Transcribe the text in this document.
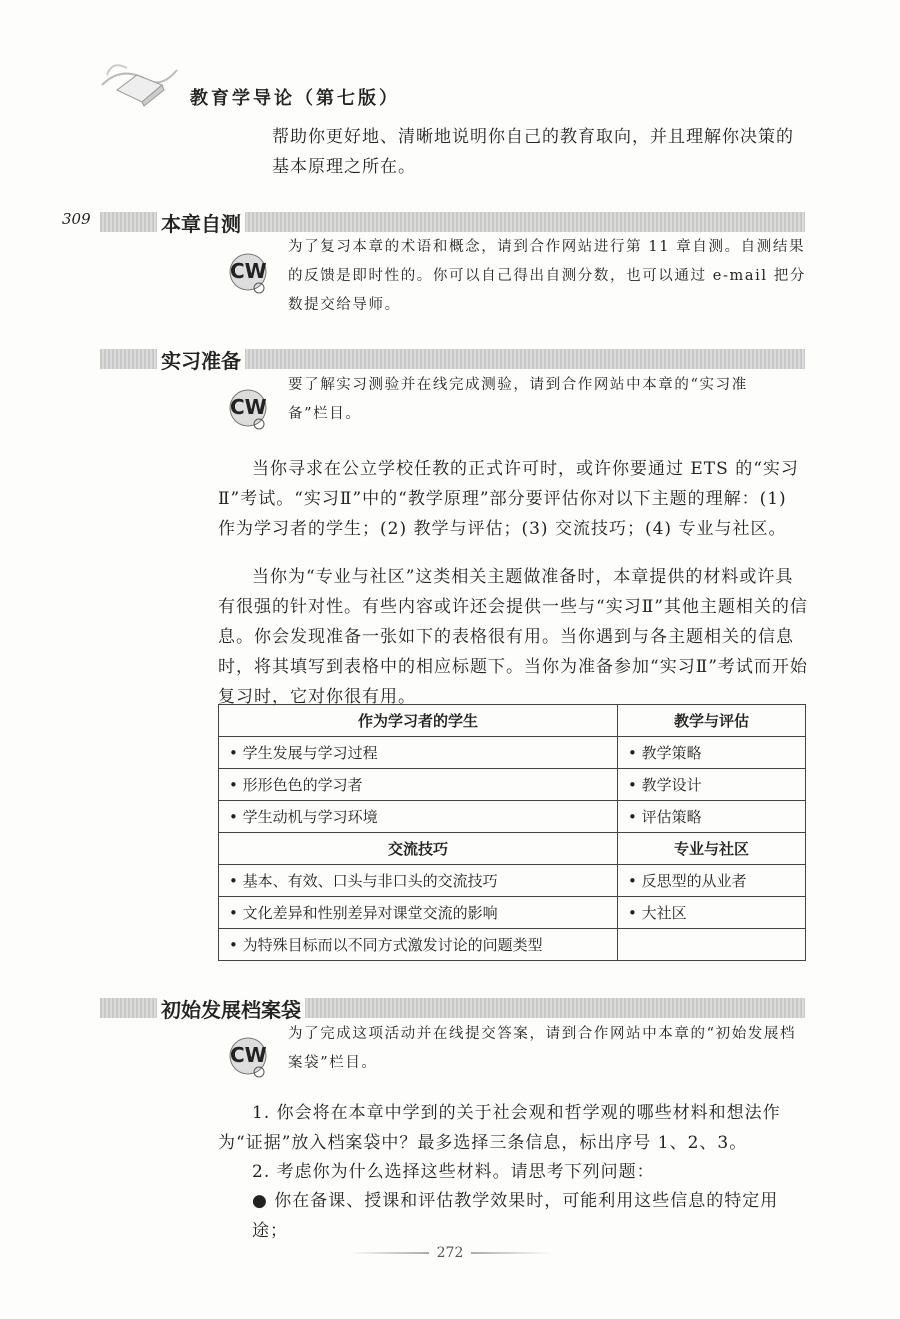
教育学导论（第七版）
帮助你更好地、清晰地说明你自己的教育取向，并且理解你决策的基本原理之所在。
309	本章自测
CW
为了复习本章的术语和概念，请到合作网站进行第 11 章自测。自测结果的反馈是即时性的。你可以自己得出自测分数，也可以通过 e-mail 把分数提交给导师。
实习准备
CW
要了解实习测验并在线完成测验，请到合作网站中本章的“实习准备”栏目。
当你寻求在公立学校任教的正式许可时，或许你要通过 ETS 的“实习Ⅱ”考试。“实习Ⅱ”中的“教学原理”部分要评估你对以下主题的理解：(1) 作为学习者的学生；(2) 教学与评估；(3) 交流技巧；(4) 专业与社区。
当你为“专业与社区”这类相关主题做准备时，本章提供的材料或许具有很强的针对性。有些内容或许还会提供一些与“实习Ⅱ”其他主题相关的信息。你会发现准备一张如下的表格很有用。当你遇到与各主题相关的信息时，将其填写到表格中的相应标题下。当你为准备参加“实习Ⅱ”考试而开始复习时，它对你很有用。
作为学习者的学生	教学与评估
• 学生发展与学习过程	• 教学策略
• 形形色色的学习者	• 教学设计
• 学生动机与学习环境	• 评估策略
交流技巧	专业与社区
• 基本、有效、口头与非口头的交流技巧	• 反思型的从业者
• 文化差异和性别差异对课堂交流的影响	• 大社区
• 为特殊目标而以不同方式激发讨论的问题类型	
初始发展档案袋
CW
为了完成这项活动并在线提交答案，请到合作网站中本章的“初始发展档案袋”栏目。
1. 你会将在本章中学到的关于社会观和哲学观的哪些材料和想法作为“证据”放入档案袋中？最多选择三条信息，标出序号 1、2、3。
2. 考虑你为什么选择这些材料。请思考下列问题：
● 你在备课、授课和评估教学效果时，可能利用这些信息的特定用途；
272
